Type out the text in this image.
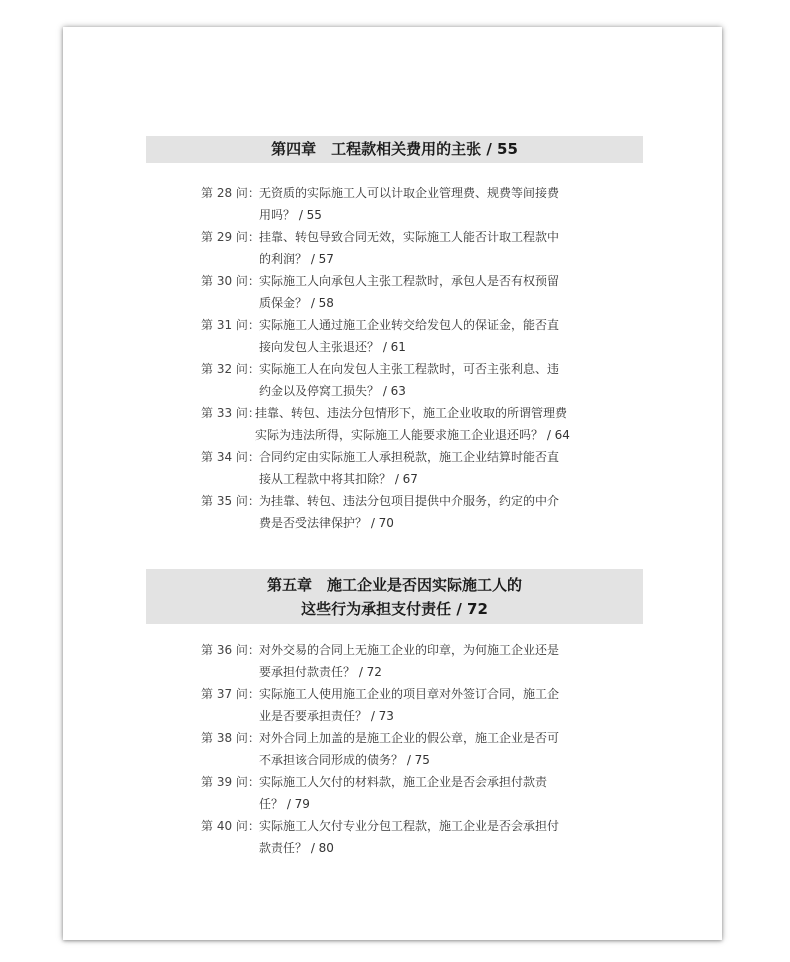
第四章　工程款相关费用的主张 / 55
第 28 问： 无资质的实际施工人可以计取企业管理费、规费等间接费
用吗？ / 55
第 29 问： 挂靠、转包导致合同无效，实际施工人能否计取工程款中
的利润？ / 57
第 30 问： 实际施工人向承包人主张工程款时，承包人是否有权预留
质保金？ / 58
第 31 问： 实际施工人通过施工企业转交给发包人的保证金，能否直
接向发包人主张退还？ / 61
第 32 问： 实际施工人在向发包人主张工程款时，可否主张利息、违
约金以及停窝工损失？ / 63
第 33 问：
挂靠、转包、违法分包情形下，施工企业收取的所谓管理费
实际为违法所得，实际施工人能要求施工企业退还吗？ / 64
第 34 问： 合同约定由实际施工人承担税款，施工企业结算时能否直
接从工程款中将其扣除？ / 67
第 35 问： 为挂靠、转包、违法分包项目提供中介服务，约定的中介
费是否受法律保护？ / 70
第五章　施工企业是否因实际施工人的
这些行为承担支付责任 / 72
第 36 问： 对外交易的合同上无施工企业的印章，为何施工企业还是
要承担付款责任？ / 72
第 37 问： 实际施工人使用施工企业的项目章对外签订合同，施工企
业是否要承担责任？ / 73
第 38 问： 对外合同上加盖的是施工企业的假公章，施工企业是否可
不承担该合同形成的债务？ / 75
第 39 问： 实际施工人欠付的材料款，施工企业是否会承担付款责
任？ / 79
第 40 问： 实际施工人欠付专业分包工程款，施工企业是否会承担付
款责任？ / 80
